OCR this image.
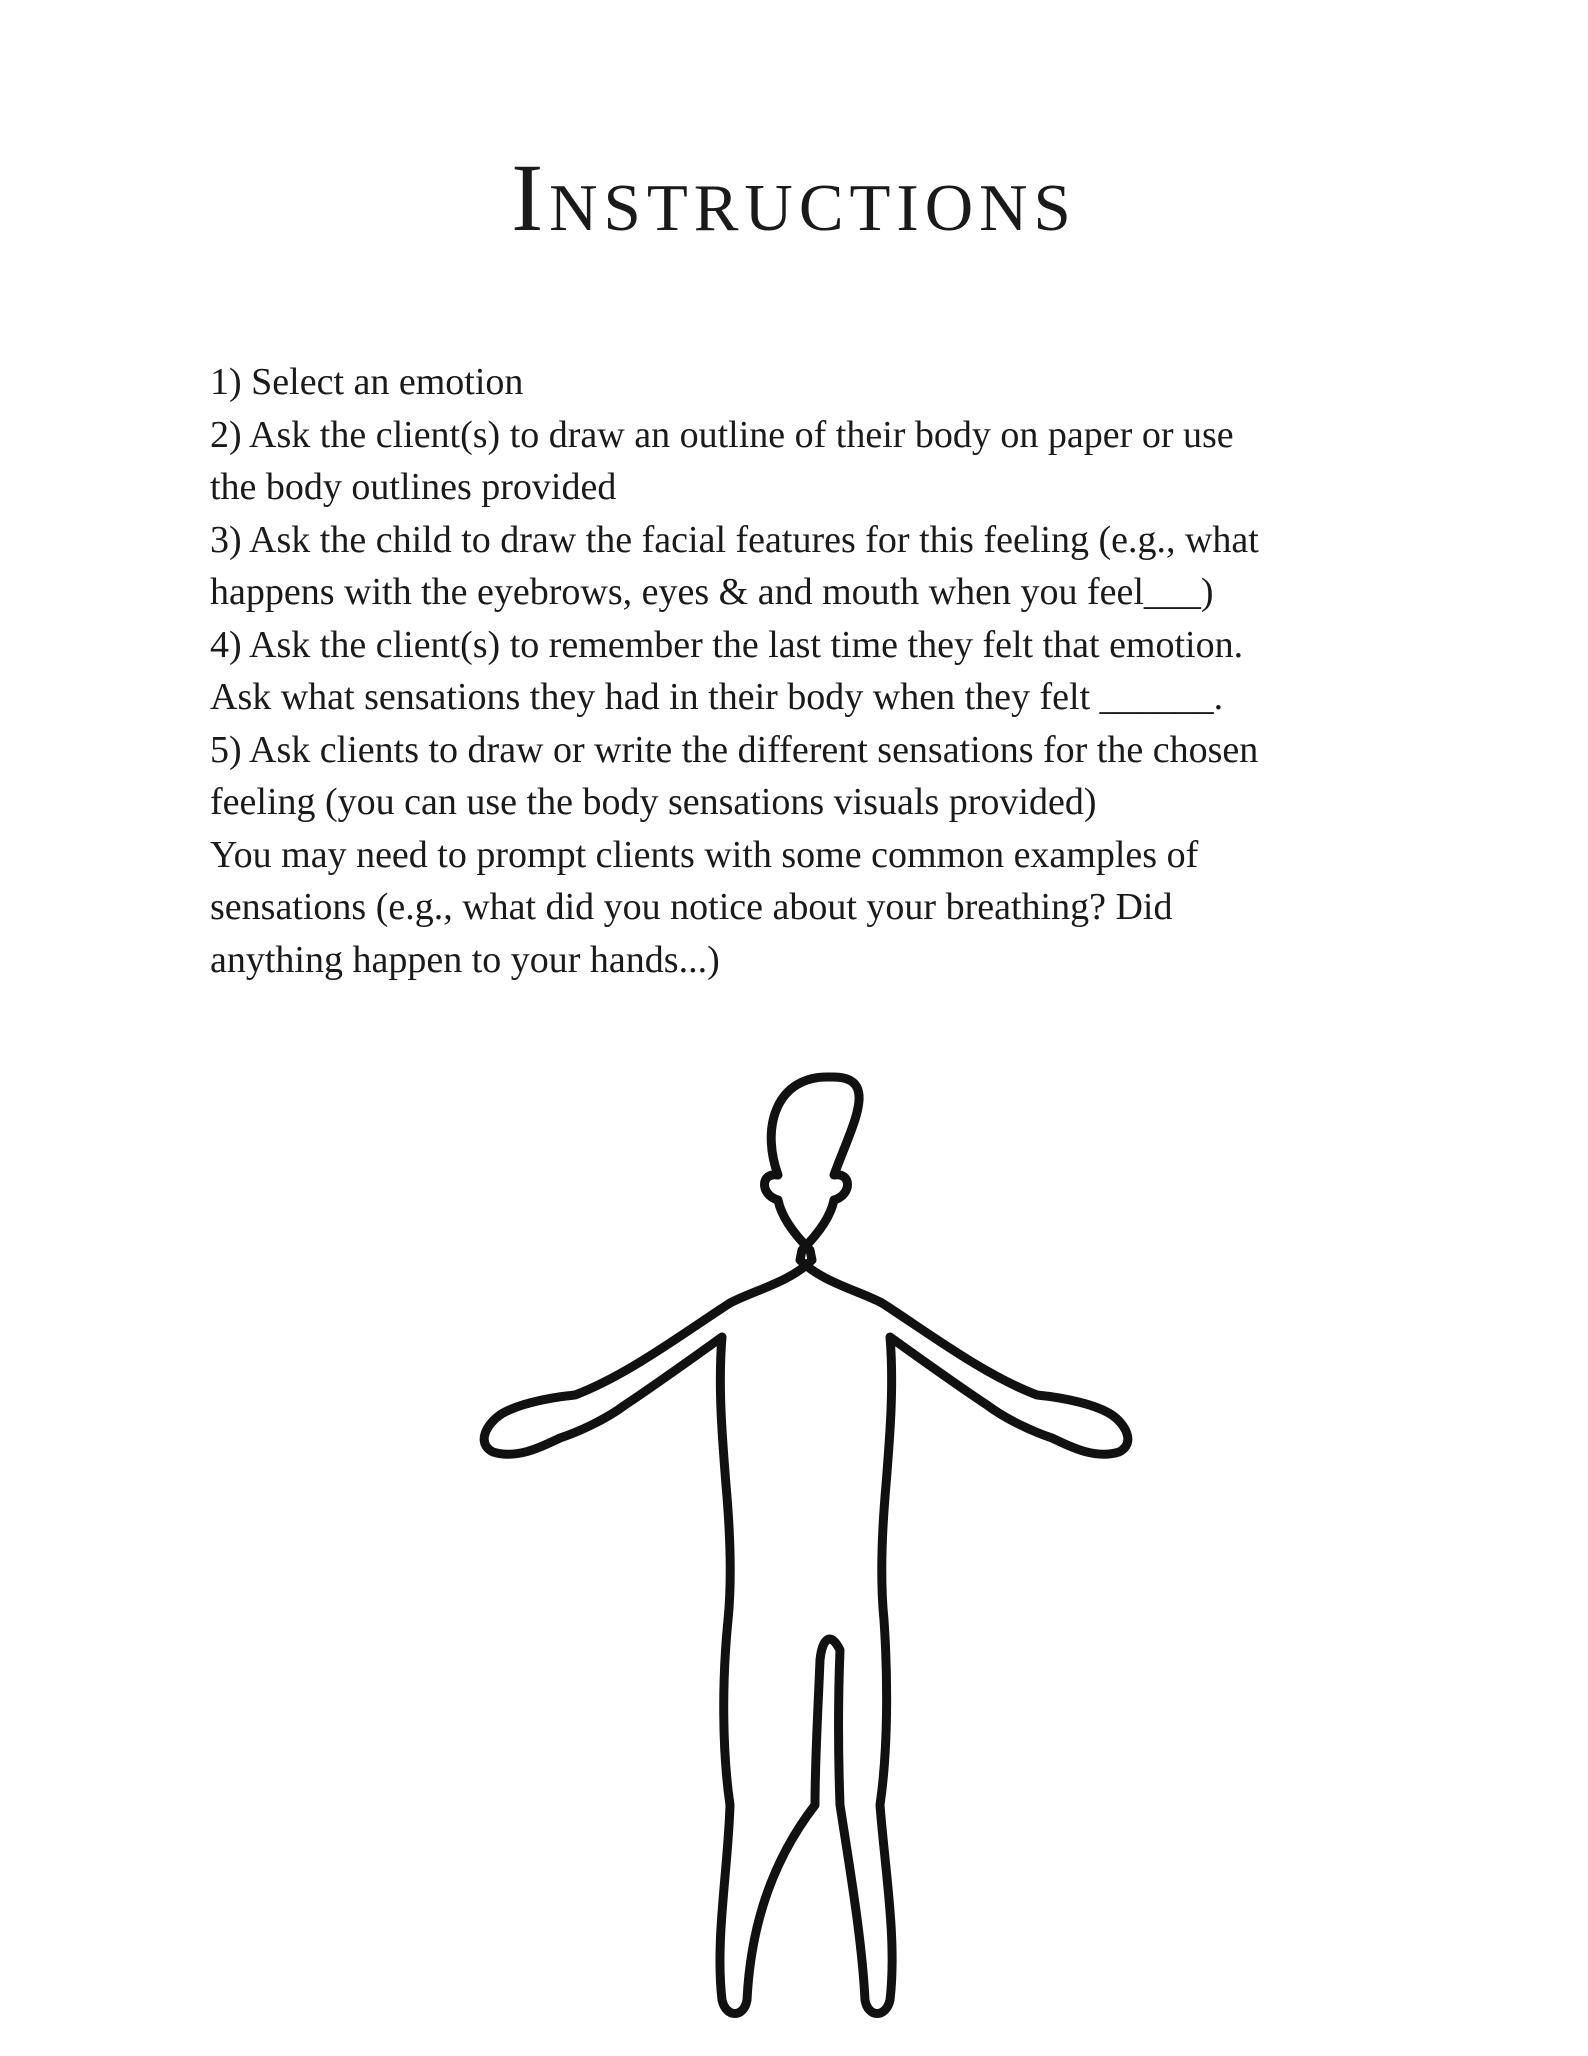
Instructions
1) Select an emotion
2) Ask the client(s) to draw an outline of their body on paper or use
the body outlines provided
3) Ask the child to draw the facial features for this feeling (e.g., what
happens with the eyebrows, eyes & and mouth when you feel___)
4) Ask the client(s) to remember the last time they felt that emotion.
Ask what sensations they had in their body when they felt ______.
5) Ask clients to draw or write the different sensations for the chosen
feeling (you can use the body sensations visuals provided)
You may need to prompt clients with some common examples of
sensations (e.g., what did you notice about your breathing? Did
anything happen to your hands...)
